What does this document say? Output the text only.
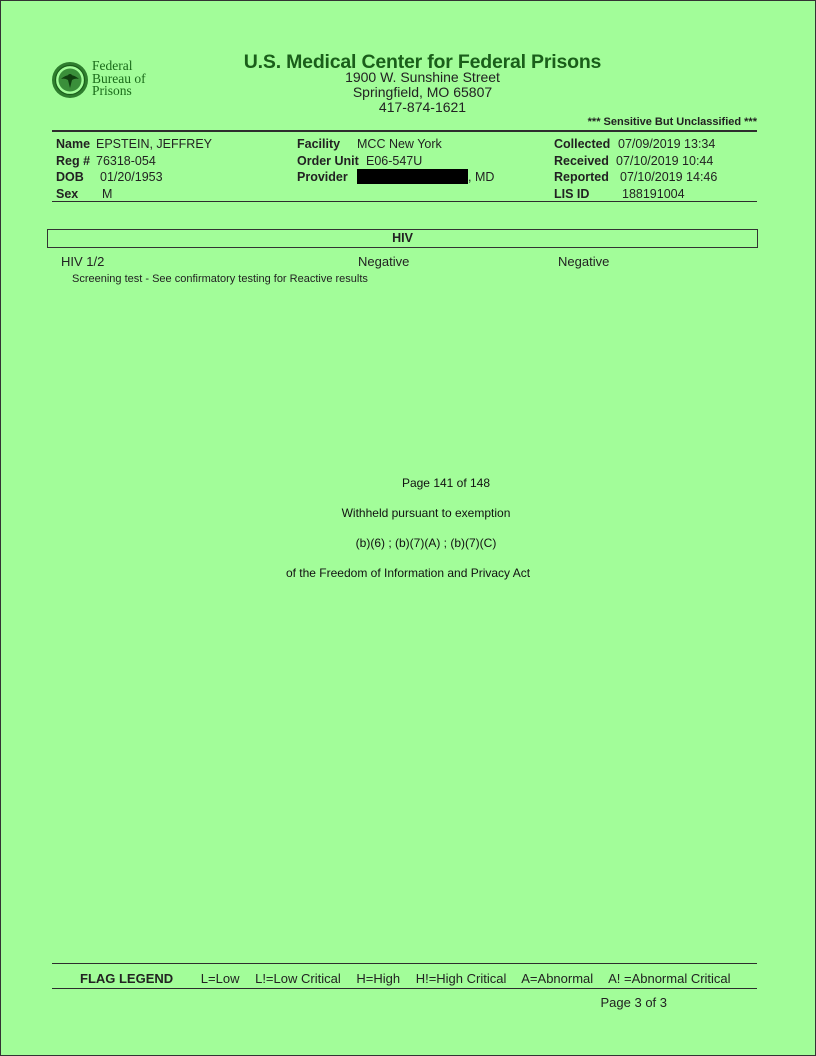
Federal
Bureau of
Prisons
U.S. Medical Center for Federal Prisons
1900 W. Sunshine Street
Springfield, MO 65807
417-874-1621
*** Sensitive But Unclassified ***
Name EPSTEIN, JEFFREY
Reg # 76318-054
DOB 01/20/1953
Sex M
Facility MCC New York
Order Unit E06-547U
Provider	, MD
Collected 07/09/2019 13:34
Received 07/10/2019 10:44
Reported 07/10/2019 14:46
LIS ID	188191004
HIV
HIV 1/2	Negative	Negative
Screening test - See confirmatory testing for Reactive results
Page 141 of 148
Withheld pursuant to exemption
(b)(6) ; (b)(7)(A) ; (b)(7)(C)
of the Freedom of Information and Privacy Act
FLAG LEGEND L=Low L!=Low Critical H=High H!=High Critical A=Abnormal A! =Abnormal Critical
Page 3 of 3
